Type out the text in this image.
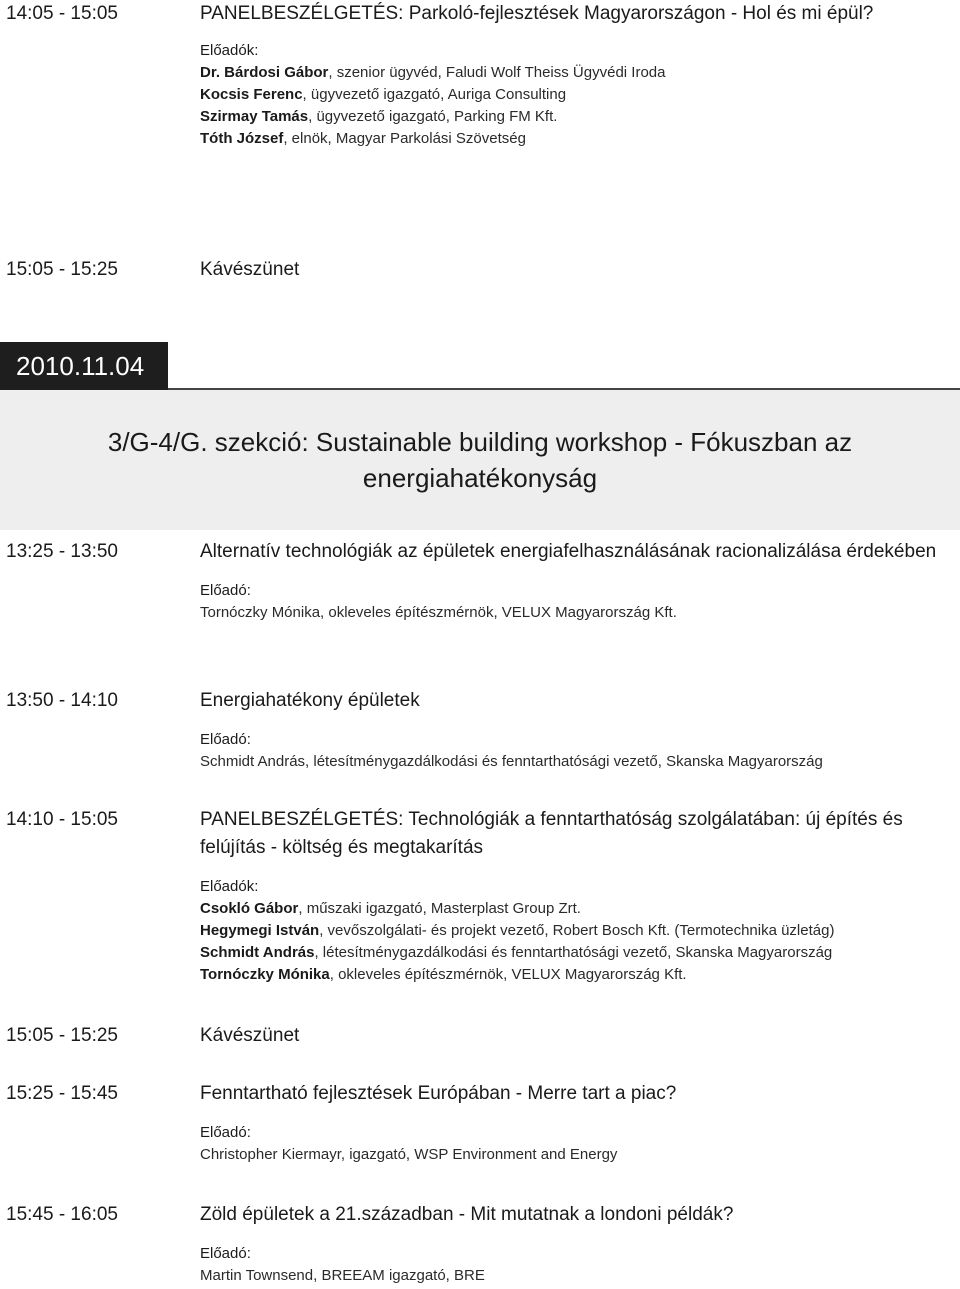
14:05 - 15:05	PANELBESZÉLGETÉS: Parkoló-fejlesztések Magyarországon - Hol és mi épül?
Előadók:
Dr. Bárdosi Gábor, szenior ügyvéd, Faludi Wolf Theiss Ügyvédi Iroda
Kocsis Ferenc, ügyvezető igazgató, Auriga Consulting
Szirmay Tamás, ügyvezető igazgató, Parking FM Kft.
Tóth József, elnök, Magyar Parkolási Szövetség
15:05 - 15:25	Kávészünet
2010.11.04
3/G-4/G. szekció: Sustainable building workshop - Fókuszban az energiahatékonyság
13:25 - 13:50	Alternatív technológiák az épületek energiafelhasználásának racionalizálása érdekében
Előadó:
Tornóczky Mónika, okleveles építészmérnök, VELUX Magyarország Kft.
13:50 - 14:10	Energiahatékony épületek
Előadó:
Schmidt András, létesítménygazdálkodási és fenntarthatósági vezető, Skanska Magyarország
14:10 - 15:05	PANELBESZÉLGETÉS: Technológiák a fenntarthatóság szolgálatában: új építés és felújítás - költség és megtakarítás
Előadók:
Csokló Gábor, műszaki igazgató, Masterplast Group Zrt.
Hegymegi István, vevőszolgálati- és projekt vezető, Robert Bosch Kft. (Termotechnika üzletág)
Schmidt András, létesítménygazdálkodási és fenntarthatósági vezető, Skanska Magyarország
Tornóczky Mónika, okleveles építészmérnök, VELUX Magyarország Kft.
15:05 - 15:25	Kávészünet
15:25 - 15:45	Fenntartható fejlesztések Európában - Merre tart a piac?
Előadó:
Christopher Kiermayr, igazgató, WSP Environment and Energy
15:45 - 16:05	Zöld épületek a 21.században - Mit mutatnak a londoni példák?
Előadó:
Martin Townsend, BREEAM igazgató, BRE
